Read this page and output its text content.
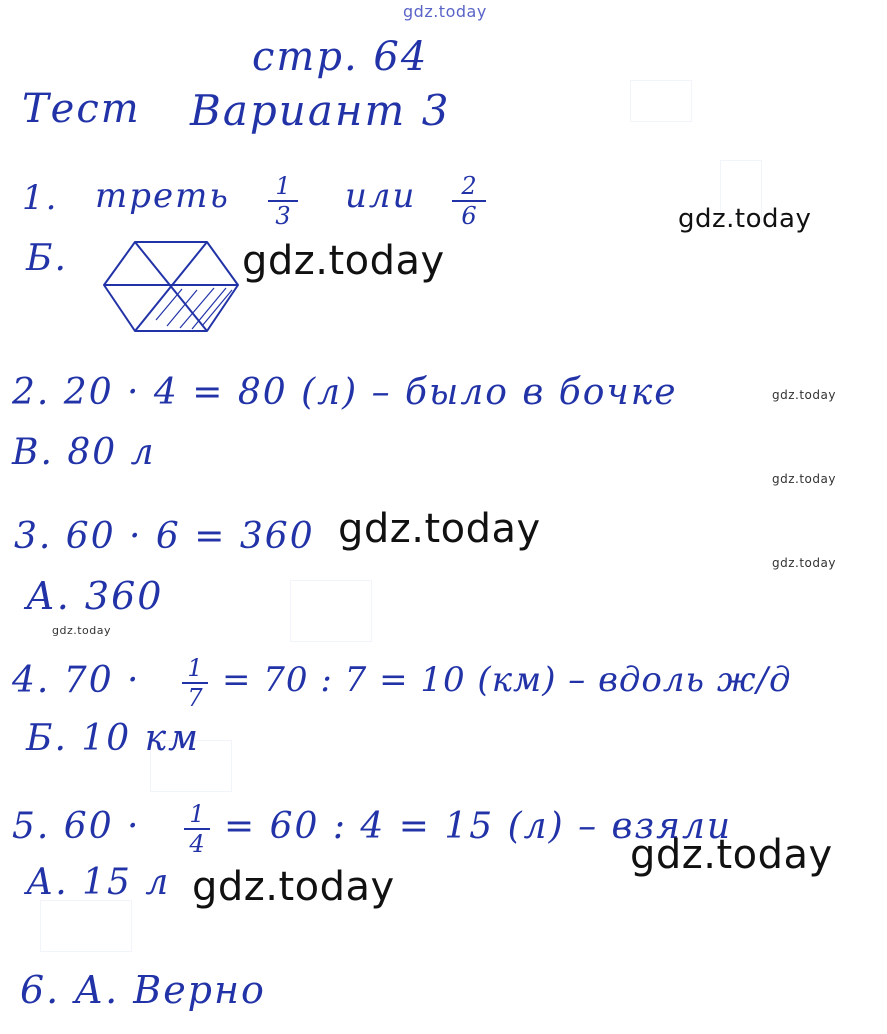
gdz.today
стр. 64
Тест Вариант 3
1. треть	1
3 или	2
6	gdz.today
Б.	gdz.today
2. 20 · 4 = 80 (л) – было в бочке	gdz.today
В. 80 л
gdz.today
3. 60 · 6 = 360 gdz.today
gdz.today
А. 360
gdz.today
4. 70 · 1
7 = 70 : 7 = 10 (км) – вдоль ж/д
Б. 10 км
5. 60 · 1
4 = 60 : 4 = 15 (л) – взяли
gdz.today
А. 15 л gdz.today
6. А. Верно
